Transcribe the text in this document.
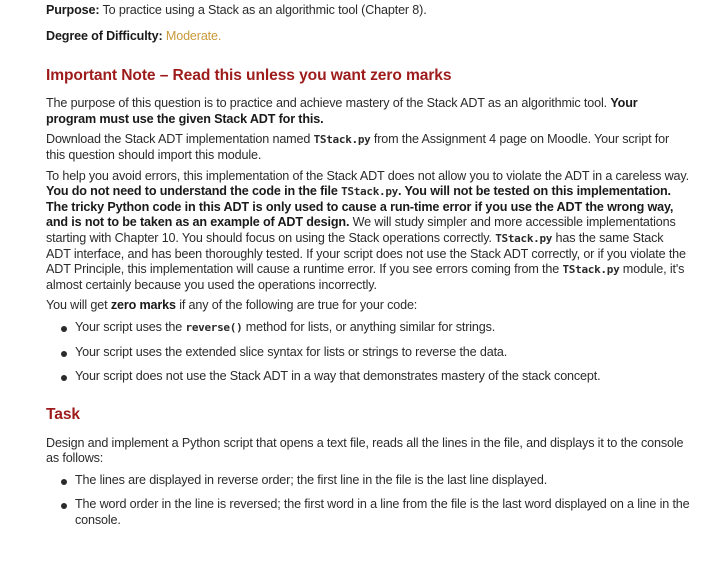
Purpose: To practice using a Stack as an algorithmic tool (Chapter 8).

Degree of Difficulty: Moderate.

Important Note – Read this unless you want zero marks

The purpose of this question is to practice and achieve mastery of the Stack ADT as an algorithmic tool. Your program must use the given Stack ADT for this.

Download the Stack ADT implementation named TStack.py from the Assignment 4 page on Moodle. Your script for this question should import this module.

To help you avoid errors, this implementation of the Stack ADT does not allow you to violate the ADT in a careless way. You do not need to understand the code in the file TStack.py. You will not be tested on this implementation. The tricky Python code in this ADT is only used to cause a run-time error if you use the ADT the wrong way, and is not to be taken as an example of ADT design. We will study simpler and more accessible implementations starting with Chapter 10. You should focus on using the Stack operations correctly. TStack.py has the same Stack ADT interface, and has been thoroughly tested. If your script does not use the Stack ADT correctly, or if you violate the ADT Principle, this implementation will cause a runtime error. If you see errors coming from the TStack.py module, it's almost certainly because you used the operations incorrectly.

You will get zero marks if any of the following are true for your code:

Your script uses the reverse() method for lists, or anything similar for strings.
Your script uses the extended slice syntax for lists or strings to reverse the data.
Your script does not use the Stack ADT in a way that demonstrates mastery of the stack concept.
Task

Design and implement a Python script that opens a text file, reads all the lines in the file, and displays it to the console as follows:

The lines are displayed in reverse order; the first line in the file is the last line displayed.
The word order in the line is reversed; the first word in a line from the file is the last word displayed on a line in the console.
